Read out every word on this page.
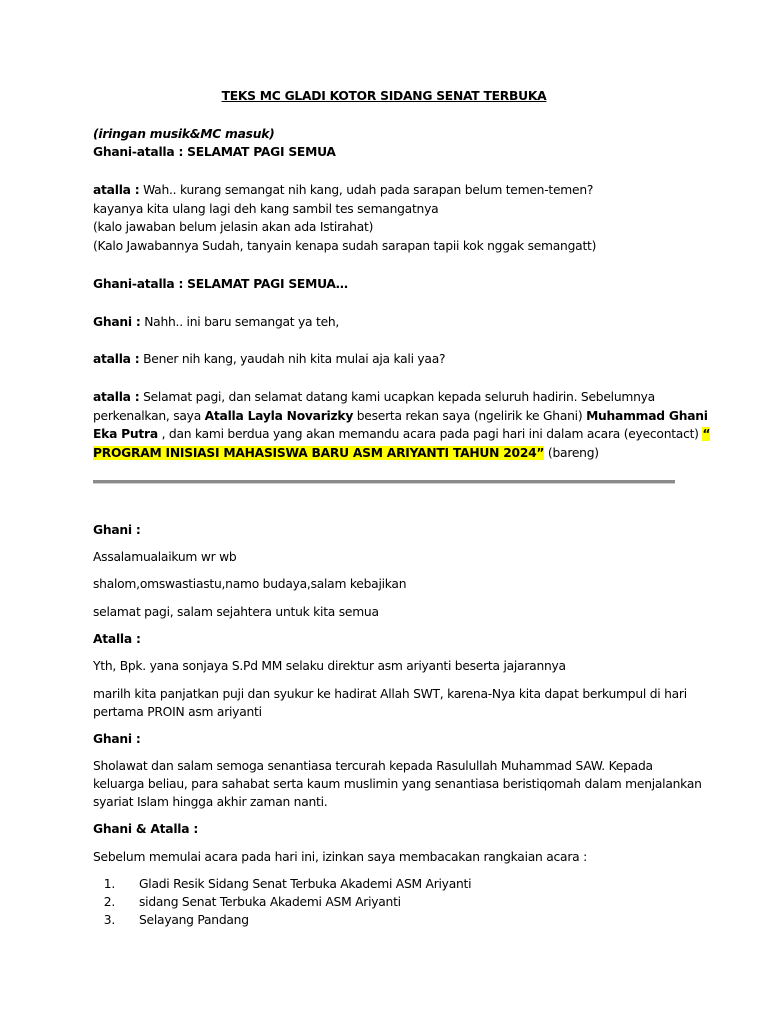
TEKS MC GLADI KOTOR SIDANG SENAT TERBUKA
(iringan musik&MC masuk)
Ghani-atalla : SELAMAT PAGI SEMUA
atalla : Wah.. kurang semangat nih kang, udah pada sarapan belum temen-temen?
kayanya kita ulang lagi deh kang sambil tes semangatnya
(kalo jawaban belum jelasin akan ada Istirahat)
(Kalo Jawabannya Sudah, tanyain kenapa sudah sarapan tapii kok nggak semangatt)
Ghani-atalla : SELAMAT PAGI SEMUA…
Ghani : Nahh.. ini baru semangat ya teh,
atalla : Bener nih kang, yaudah nih kita mulai aja kali yaa?
atalla : Selamat pagi, dan selamat datang kami ucapkan kepada seluruh hadirin. Sebelumnya
perkenalkan, saya Atalla Layla Novarizky beserta rekan saya (ngelirik ke Ghani) Muhammad Ghani
Eka Putra , dan kami berdua yang akan memandu acara pada pagi hari ini dalam acara (eyecontact) “
PROGRAM INISIASI MAHASISWA BARU ASM ARIYANTI TAHUN 2024” (bareng)
Ghani :
Assalamualaikum wr wb
shalom,omswastiastu,namo budaya,salam kebajikan
selamat pagi, salam sejahtera untuk kita semua
Atalla :
Yth, Bpk. yana sonjaya S.Pd MM selaku direktur asm ariyanti beserta jajarannya
marilh kita panjatkan puji dan syukur ke hadirat Allah SWT, karena-Nya kita dapat berkumpul di hari
pertama PROIN asm ariyanti
Ghani :
Sholawat dan salam semoga senantiasa tercurah kepada Rasulullah Muhammad SAW. Kepada
keluarga beliau, para sahabat serta kaum muslimin yang senantiasa beristiqomah dalam menjalankan
syariat Islam hingga akhir zaman nanti.
Ghani & Atalla :
Sebelum memulai acara pada hari ini, izinkan saya membacakan rangkaian acara :
1. Gladi Resik Sidang Senat Terbuka Akademi ASM Ariyanti
2. sidang Senat Terbuka Akademi ASM Ariyanti
3. Selayang Pandang
